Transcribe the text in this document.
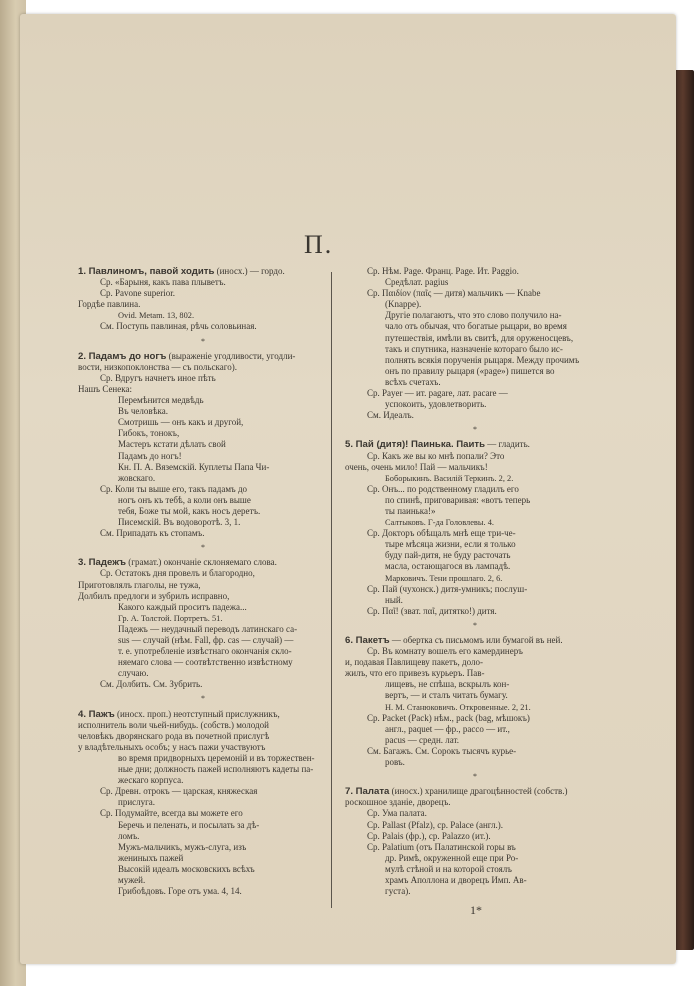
П.
1. Павлиномъ, павой ходить (иносх.) — гордо.
Ср. «Барыня, какъ пава плыветъ.
Ср. Pavone superior.
Гордѣе павлина.
Ovid. Metam. 13, 802.
См. Поступь павлиная, рѣчь соловьиная.
*
2. Падамъ до ногъ (выраженіе угодливости, угодли-
вости, низкопоклонства — съ польскаго).
Ср. Вдругъ начнетъ иное пѣть
Нашъ Сенека:
Перемѣнится медвѣдь
Въ человѣка.
Смотришь — онъ какъ и другой,
Гибокъ, тонокъ,
Мастеръ кстати дѣлать свой
Падамъ до ногъ!
Кн. П. А. Вяземскій. Куплеты Папа Чи-
жовскаго.
Ср. Коли ты выше его, такъ падамъ до
ногъ онъ къ тебѣ, а коли онъ выше
тебя, Боже ты мой, какъ носъ деретъ.
Писемскій. Въ водоворотѣ. 3, 1.
См. Припадать къ стопамъ.
*
3. Падежъ (грамат.) окончаніе склоняемаго слова.
Ср. Остатокъ дня провелъ и благородно,
Приготовлялъ глаголы, не тужа,
Долбилъ предлоги и зубрилъ исправно,
Какого каждый проситъ падежа...
Гр. А. Толстой. Портретъ. 51.
Падежъ — неудачный переводъ латинскаго са-
sus — случай (нѣм. Fall, фр. cas — случай) —
т. е. употребленіе извѣстнаго окончанія скло-
няемаго слова — соотвѣтственно извѣстному
случаю.
См. Долбить. См. Зубрить.
*
4. Пажъ (иносх. проп.) неотступный прислужникъ,
исполнитель воли чьей-нибудь. (собств.) молодой
человѣкъ дворянскаго рода въ почетной прислугѣ
у владѣтельныхъ особъ; у насъ пажи участвуютъ
во время придворныхъ церемоній и въ торжествен-
ные дни; должность пажей исполняютъ кадеты па-
жескаго корпуса.
Ср. Древн. отрокъ — царская, княжеская
прислуга.
Ср. Подумайте, всегда вы можете его
Беречь и пеленать, и посылать за дѣ-
ломъ.
Мужъ-мальчикъ, мужъ-слуга, изъ
жениныхъ пажей
Высокій идеалъ московскихъ всѣхъ
мужей.
Грибоѣдовъ. Горе отъ ума. 4, 14.
Ср. Нѣм. Page. Франц. Page. Ит. Paggio.
Средѣлат. pagius
Ср. Παιδίον (παῖς — дитя) мальчикъ — Knabe
(Knappe).
Другіе полагаютъ, что это слово получило на-
чало отъ обычая, что богатые рыцари, во время
путешествія, имѣли въ свитѣ, для оруженосцевъ,
такъ и спутника, назначеніе котораго было ис-
полнять всякія порученія рыцаря. Между прочимъ
онъ по правилу рыцаря («page») пишется во
всѣхъ счетахъ.
Ср. Payer — ит. pagare, лат. pacare —
успокоить, удовлетворить.
См. Идеалъ.
*
5. Пай (дитя)! Паинька. Паить — гладить.
Ср. Какъ же вы ко мнѣ попали? Это
очень, очень мило! Пай — мальчикъ!
Боборыкинъ. Василій Теркинъ. 2, 2.
Ср. Онъ... по родственному гладилъ его
по спинѣ, приговаривая: «вотъ теперь
ты паинька!»
Салтыковъ. Г-да Головлевы. 4.
Ср. Докторъ обѣщалъ мнѣ еще три-че-
тыре мѣсяца жизни, если я только
буду пай-дитя, не буду расточать
масла, остающагося въ лампадѣ.
Марковичъ. Тени прошлаго. 2, 6.
Ср. Пай (чухонск.) дитя-умникъ; послуш-
ный.
Ср. Παῖ! (зват. παῖ, дитятко!) дитя.
*
6. Пакетъ — обертка съ письмомъ или бумагой въ ней.
Ср. Въ комнату вошелъ его камердинеръ
и, подавая Павлищеву пакетъ, доло-
жилъ, что его привезъ курьеръ. Пав-
лищевъ, не спѣша, вскрылъ кон-
вертъ, — и сталъ читать бумагу.
Н. М. Станюковичъ. Откровенные. 2, 21.
Ср. Packet (Pack) нѣм., pack (bag, мѣшокъ)
англ., paquet — фр., pacco — ит.,
pacus — средн. лат.
См. Багажъ. См. Сорокъ тысячъ курье-
ровъ.
*
7. Палата (иносх.) хранилище драгоцѣнностей (собств.)
роскошное зданіе, дворецъ.
Ср. Ума палата.
Ср. Pallast (Pfalz), ср. Palace (англ.).
Ср. Palais (фр.), ср. Palazzo (ит.).
Ср. Palatium (отъ Палатинской горы въ
др. Римѣ, окруженной еще при Ро-
мулѣ стѣной и на которой стоялъ
храмъ Аполлона и дворецъ Имп. Ав-
густа).
1*
